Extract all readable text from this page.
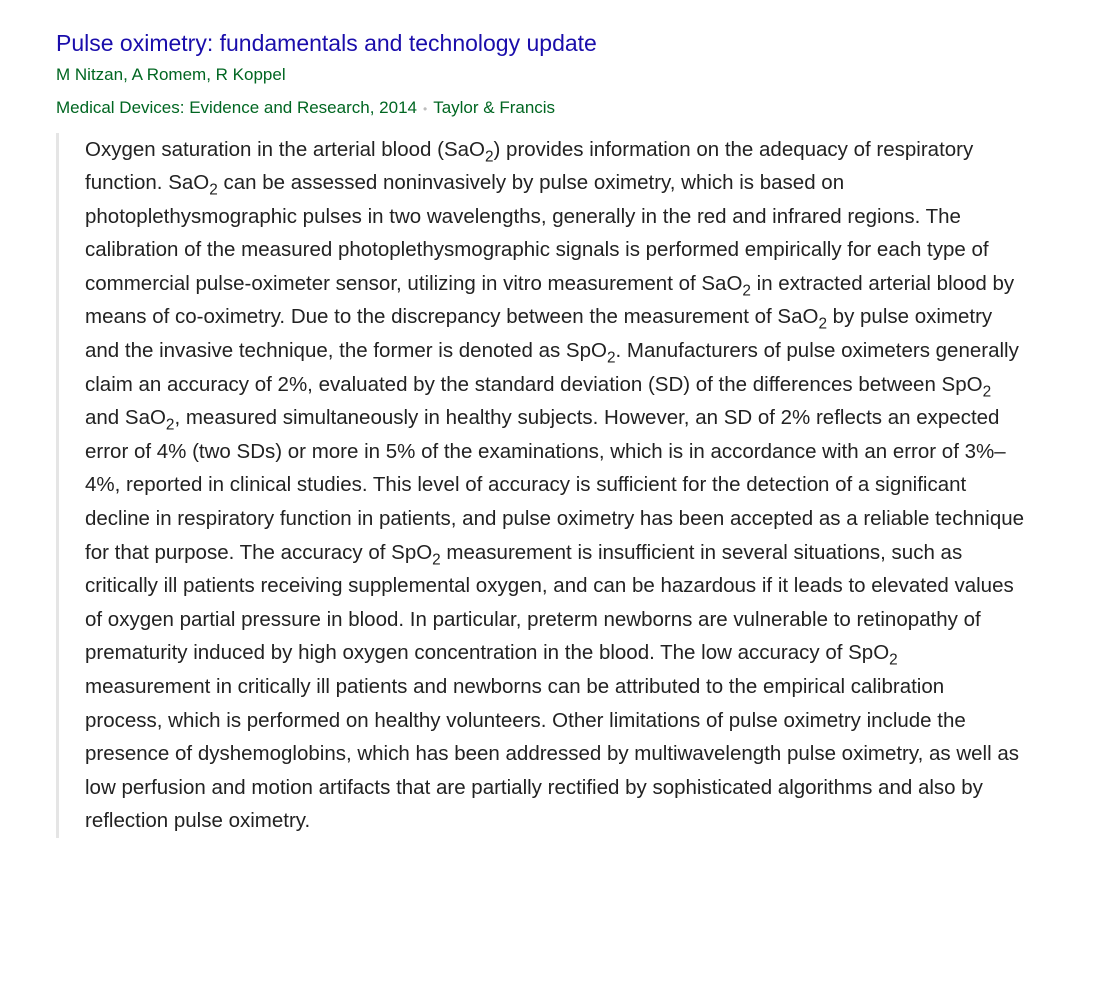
Pulse oximetry: fundamentals and technology update
M Nitzan, A Romem, R Koppel
Medical Devices: Evidence and Research, 2014 • Taylor & Francis

Oxygen saturation in the arterial blood (SaO$_2$) provides information on the adequacy of respiratory function. SaO$_2$ can be assessed noninvasively by pulse oximetry, which is based on photoplethysmographic pulses in two wavelengths, generally in the red and infrared regions. The calibration of the measured photoplethysmographic signals is performed empirically for each type of commercial pulse-oximeter sensor, utilizing in vitro measurement of SaO$_2$ in extracted arterial blood by means of co-oximetry. Due to the discrepancy between the measurement of SaO$_2$ by pulse oximetry and the invasive technique, the former is denoted as SpO$_2$. Manufacturers of pulse oximeters generally claim an accuracy of 2%, evaluated by the standard deviation (SD) of the differences between SpO$_2$ and SaO$_2$, measured simultaneously in healthy subjects. However, an SD of 2% reflects an expected error of 4% (two SDs) or more in 5% of the examinations, which is in accordance with an error of 3%–4%, reported in clinical studies. This level of accuracy is sufficient for the detection of a significant decline in respiratory function in patients, and pulse oximetry has been accepted as a reliable technique for that purpose. The accuracy of SpO$_2$ measurement is insufficient in several situations, such as critically ill patients receiving supplemental oxygen, and can be hazardous if it leads to elevated values of oxygen partial pressure in blood. In particular, preterm newborns are vulnerable to retinopathy of prematurity induced by high oxygen concentration in the blood. The low accuracy of SpO$_2$ measurement in critically ill patients and newborns can be attributed to the empirical calibration process, which is performed on healthy volunteers. Other limitations of pulse oximetry include the presence of dyshemoglobins, which has been addressed by multiwavelength pulse oximetry, as well as low perfusion and motion artifacts that are partially rectified by sophisticated algorithms and also by reflection pulse oximetry.
